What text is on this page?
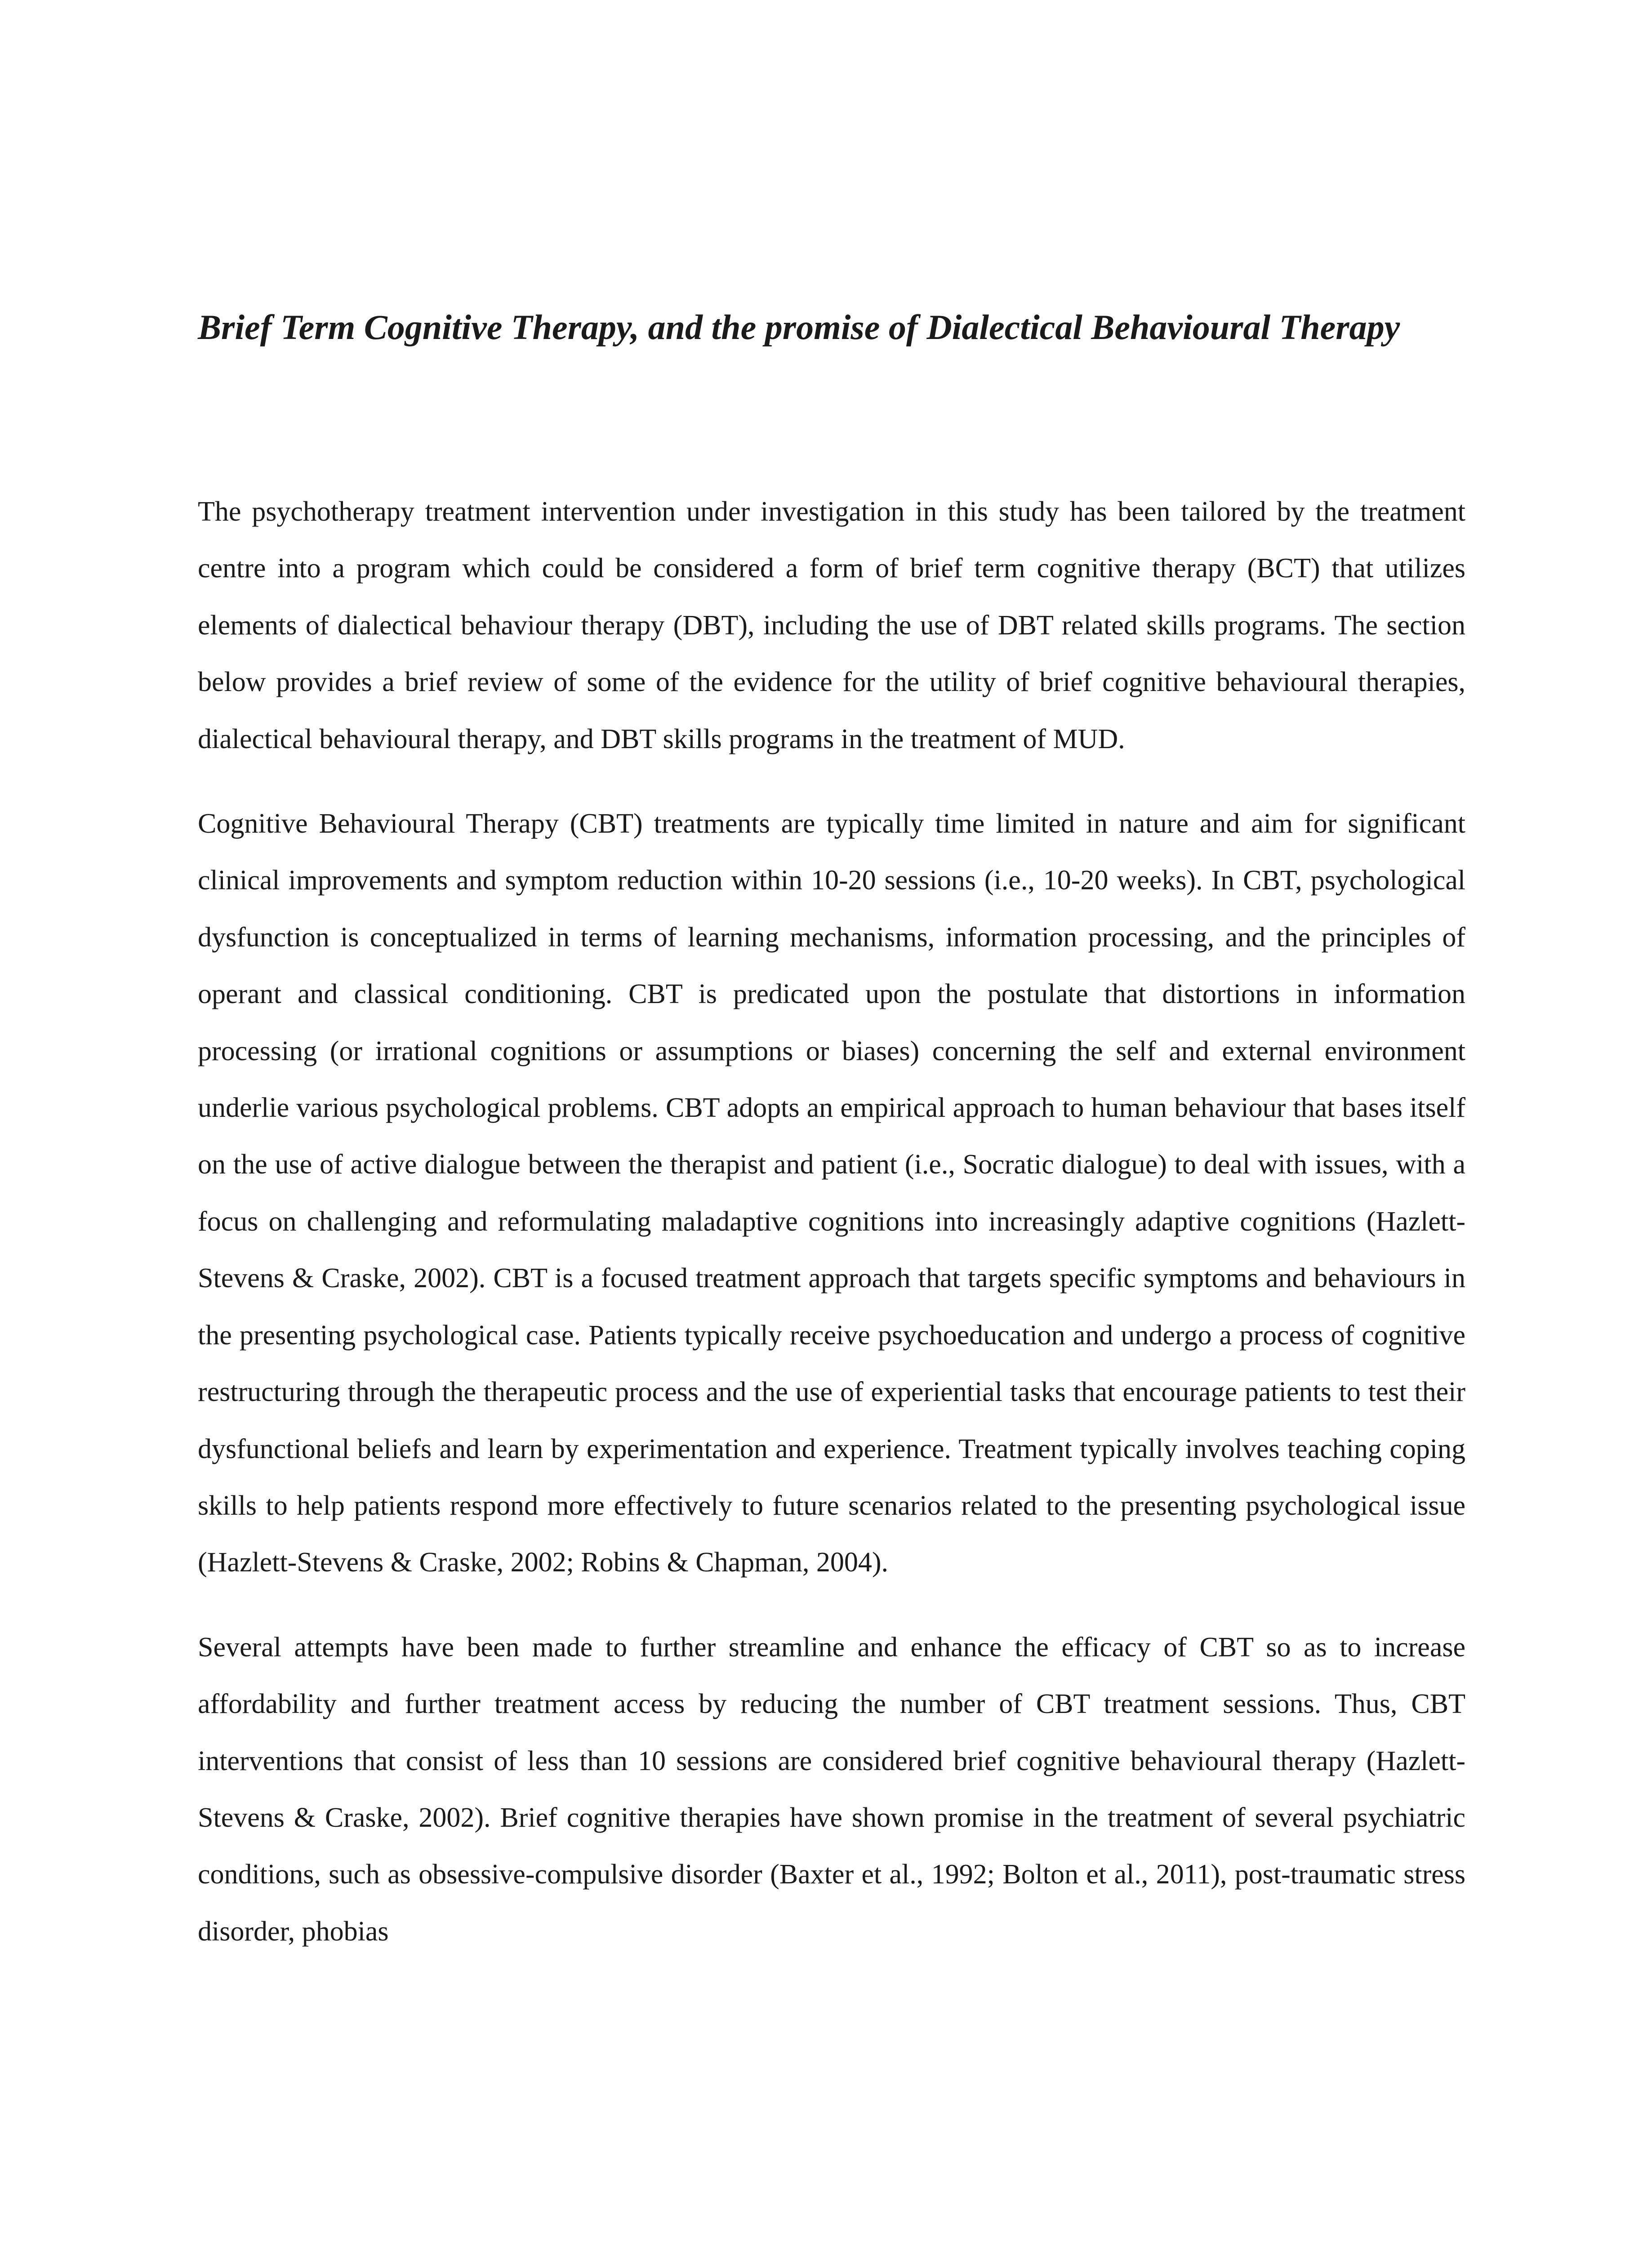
Brief Term Cognitive Therapy, and the promise of Dialectical Behavioural Therapy

The psychotherapy treatment intervention under investigation in this study has been tailored by the treatment centre into a program which could be considered a form of brief term cognitive therapy (BCT) that utilizes elements of dialectical behaviour therapy (DBT), including the use of DBT related skills programs. The section below provides a brief review of some of the evidence for the utility of brief cognitive behavioural therapies, dialectical behavioural therapy, and DBT skills programs in the treatment of MUD.

Cognitive Behavioural Therapy (CBT) treatments are typically time limited in nature and aim for significant clinical improvements and symptom reduction within 10-20 sessions (i.e., 10-20 weeks). In CBT, psychological dysfunction is conceptualized in terms of learning mechanisms, information processing, and the principles of operant and classical conditioning. CBT is predicated upon the postulate that distortions in information processing (or irrational cognitions or assumptions or biases) concerning the self and external environment underlie various psychological problems. CBT adopts an empirical approach to human behaviour that bases itself on the use of active dialogue between the therapist and patient (i.e., Socratic dialogue) to deal with issues, with a focus on challenging and reformulating maladaptive cognitions into increasingly adaptive cognitions (Hazlett-Stevens & Craske, 2002). CBT is a focused treatment approach that targets specific symptoms and behaviours in the presenting psychological case. Patients typically receive psychoeducation and undergo a process of cognitive restructuring through the therapeutic process and the use of experiential tasks that encourage patients to test their dysfunctional beliefs and learn by experimentation and experience. Treatment typically involves teaching coping skills to help patients respond more effectively to future scenarios related to the presenting psychological issue (Hazlett-Stevens & Craske, 2002; Robins & Chapman, 2004).

Several attempts have been made to further streamline and enhance the efficacy of CBT so as to increase affordability and further treatment access by reducing the number of CBT treatment sessions. Thus, CBT interventions that consist of less than 10 sessions are considered brief cognitive behavioural therapy (Hazlett-Stevens & Craske, 2002). Brief cognitive therapies have shown promise in the treatment of several psychiatric conditions, such as obsessive-compulsive disorder (Baxter et al., 1992; Bolton et al., 2011), post-traumatic stress disorder, phobias
